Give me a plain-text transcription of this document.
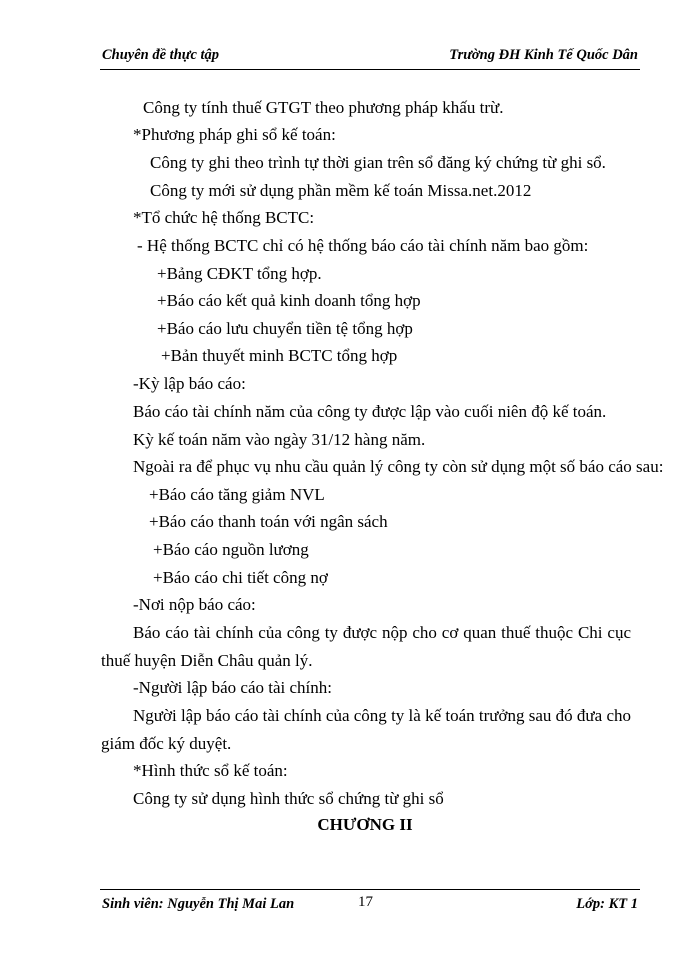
Chuyên đề thực tập	Trường ĐH Kinh Tế Quốc Dân
Công ty tính thuế GTGT theo phương pháp khấu trừ.
*Phương pháp ghi sổ kế toán:
Công ty ghi theo trình tự thời gian trên sổ đăng ký chứng từ ghi sổ.
Công ty mới sử dụng phần mềm kế toán Missa.net.2012
*Tổ chức hệ thống BCTC:
- Hệ thống BCTC chỉ có hệ thống báo cáo tài chính năm bao gồm:
+Bảng CĐKT tổng hợp.
+Báo cáo kết quả kinh doanh tổng hợp
+Báo cáo lưu chuyển tiền tệ tổng hợp
+Bản thuyết minh BCTC tổng hợp
-Kỳ lập báo cáo:
Báo cáo tài chính năm của công ty được lập vào cuối niên độ kế toán.
Kỳ kế toán năm vào ngày 31/12 hàng năm.
Ngoài ra để phục vụ nhu cầu quản lý công ty còn sử dụng một số báo cáo sau:
+Báo cáo tăng giảm NVL
+Báo cáo thanh toán với ngân sách
+Báo cáo nguồn lương
+Báo cáo chi tiết công nợ
-Nơi nộp báo cáo:
Báo cáo tài chính của công ty được nộp cho cơ quan thuế thuộc Chi cục
thuế huyện Diễn Châu quản lý.
-Người lập báo cáo tài chính:
Người lập báo cáo tài chính của công ty là kế toán trưởng sau đó đưa cho
giám đốc ký duyệt.
*Hình thức sổ kế toán:
Công ty sử dụng hình thức sổ chứng từ ghi sổ
CHƯƠNG II
Sinh viên: Nguyễn Thị Mai Lan	17	Lớp: KT 1
